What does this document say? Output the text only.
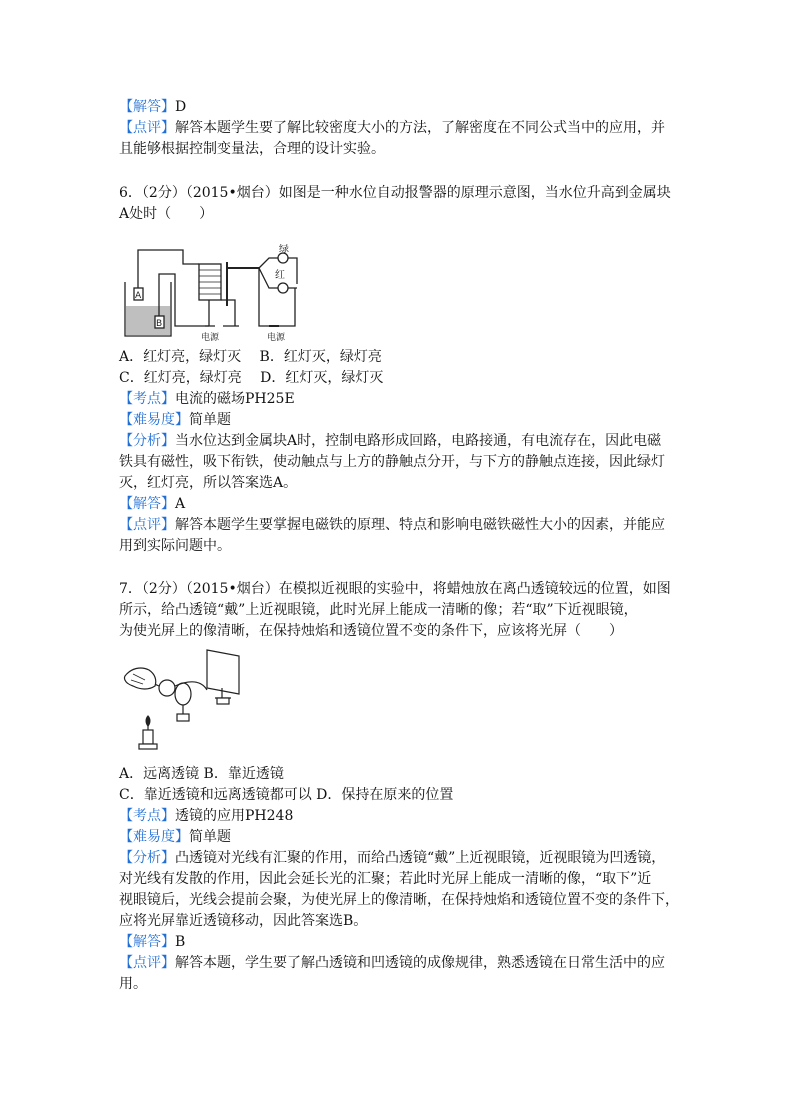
【解答】D
【点评】解答本题学生要了解比较密度大小的方法，了解密度在不同公式当中的应用，并
且能够根据控制变量法，合理的设计实验。
6．（2分）（2015•烟台）如图是一种水位自动报警器的原理示意图，当水位升高到金属块
A处时（　　）
绿
红
A
B
电源	电源
A．红灯亮，绿灯灭　 B．红灯灭，绿灯亮
C．红灯亮，绿灯亮　 D．红灯灭，绿灯灭
【考点】电流的磁场PH25E
【难易度】简单题
【分析】当水位达到金属块A时，控制电路形成回路，电路接通，有电流存在，因此电磁
铁具有磁性，吸下衔铁，使动触点与上方的静触点分开，与下方的静触点连接，因此绿灯
灭，红灯亮，所以答案选A。
【解答】A
【点评】解答本题学生要掌握电磁铁的原理、特点和影响电磁铁磁性大小的因素，并能应
用到实际问题中。
7．（2分）（2015•烟台）在模拟近视眼的实验中，将蜡烛放在离凸透镜较远的位置，如图
所示，给凸透镜“戴”上近视眼镜，此时光屏上能成一清晰的像；若“取”下近视眼镜，
为使光屏上的像清晰，在保持烛焰和透镜位置不变的条件下，应该将光屏（　　）
A．远离透镜 B．靠近透镜
C．靠近透镜和远离透镜都可以 D．保持在原来的位置
【考点】透镜的应用PH248
【难易度】简单题
【分析】凸透镜对光线有汇聚的作用，而给凸透镜“戴”上近视眼镜，近视眼镜为凹透镜，
对光线有发散的作用，因此会延长光的汇聚；若此时光屏上能成一清晰的像，“取下”近
视眼镜后，光线会提前会聚，为使光屏上的像清晰，在保持烛焰和透镜位置不变的条件下，
应将光屏靠近透镜移动，因此答案选B。
【解答】B
【点评】解答本题，学生要了解凸透镜和凹透镜的成像规律，熟悉透镜在日常生活中的应
用。
